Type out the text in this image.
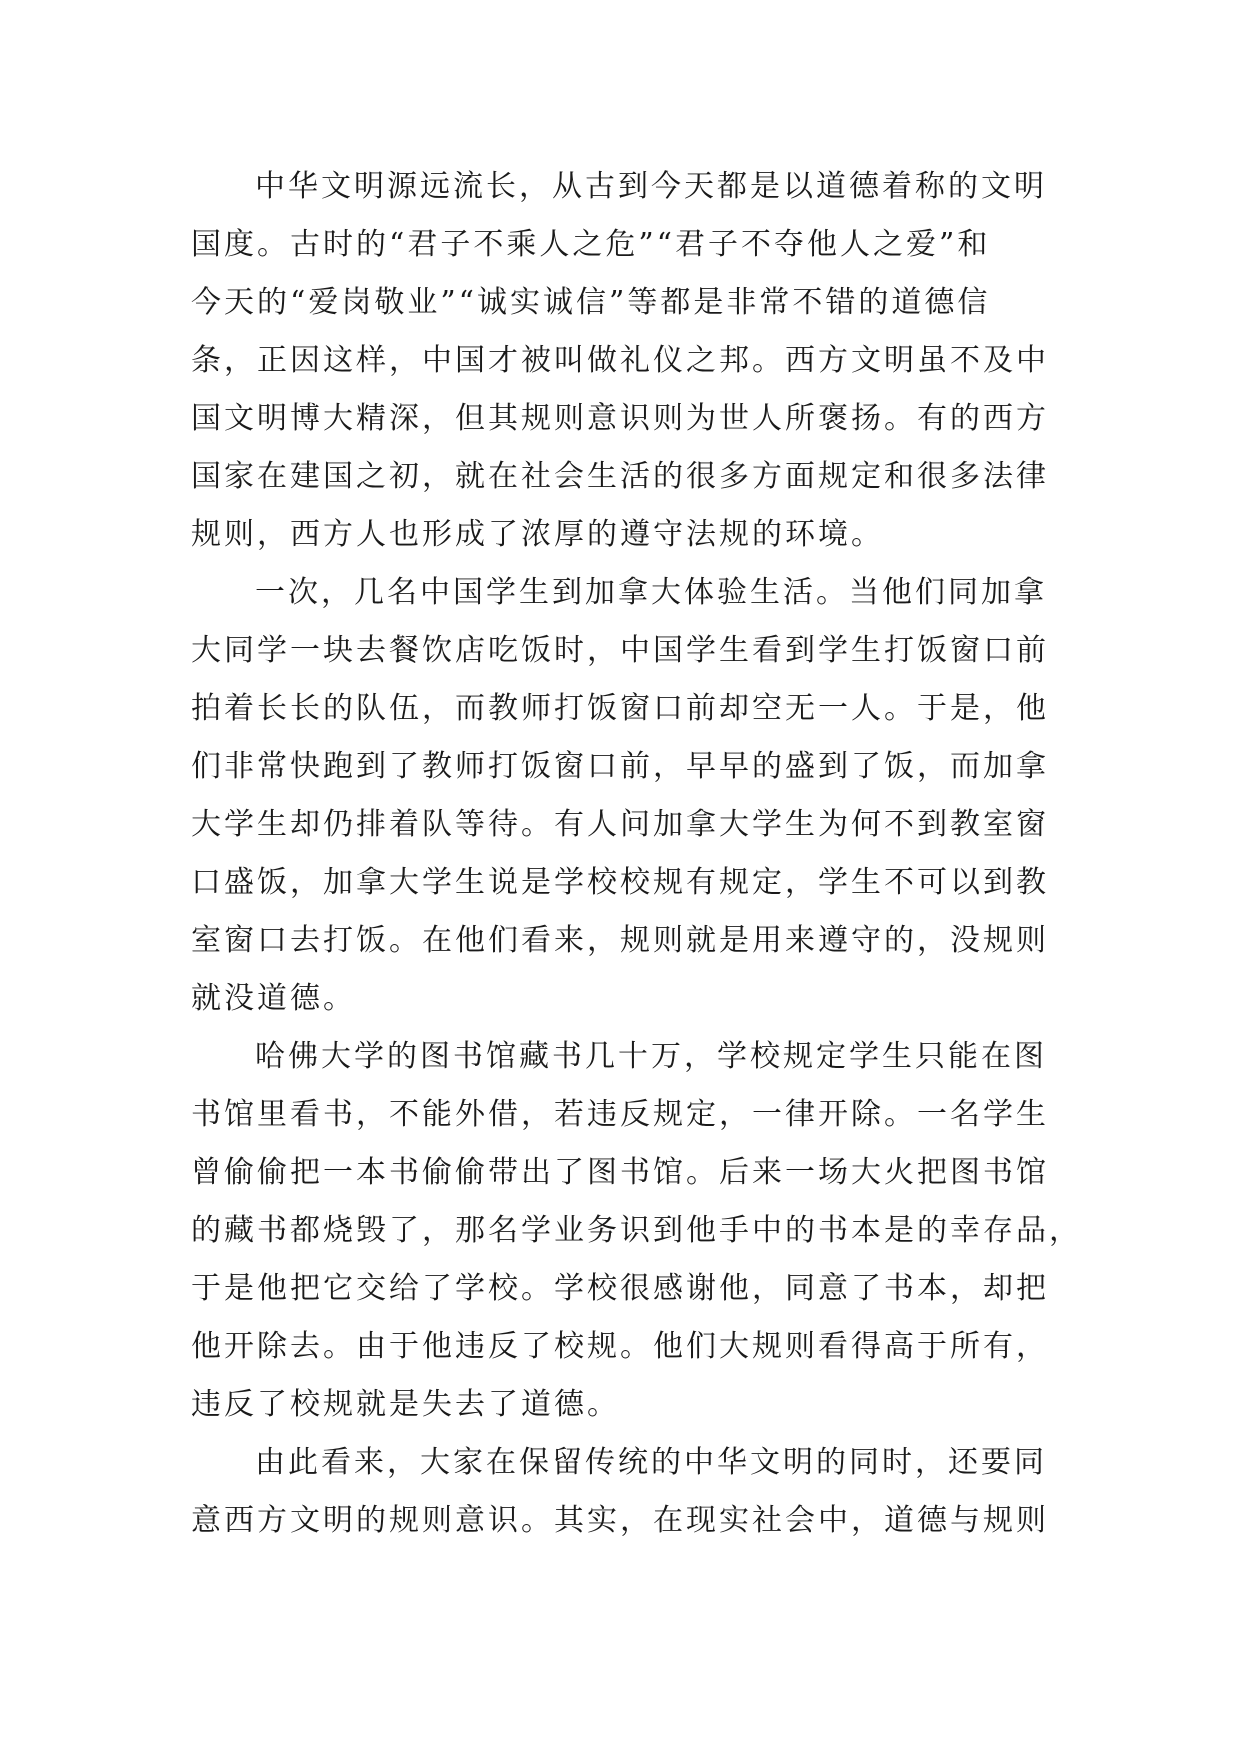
中华文明源远流长，从古到今天都是以道德着称的文明
国度。古时的“君子不乘人之危”“君子不夺他人之爱”和
今天的“爱岗敬业”“诚实诚信”等都是非常不错的道德信
条，正因这样，中国才被叫做礼仪之邦。西方文明虽不及中
国文明博大精深，但其规则意识则为世人所褒扬。有的西方
国家在建国之初，就在社会生活的很多方面规定和很多法律
规则，西方人也形成了浓厚的遵守法规的环境。
一次，几名中国学生到加拿大体验生活。当他们同加拿
大同学一块去餐饮店吃饭时，中国学生看到学生打饭窗口前
拍着长长的队伍，而教师打饭窗口前却空无一人。于是，他
们非常快跑到了教师打饭窗口前，早早的盛到了饭，而加拿
大学生却仍排着队等待。有人问加拿大学生为何不到教室窗
口盛饭，加拿大学生说是学校校规有规定，学生不可以到教
室窗口去打饭。在他们看来，规则就是用来遵守的，没规则
就没道德。
哈佛大学的图书馆藏书几十万，学校规定学生只能在图
书馆里看书，不能外借，若违反规定，一律开除。一名学生
曾偷偷把一本书偷偷带出了图书馆。后来一场大火把图书馆
的藏书都烧毁了，那名学业务识到他手中的书本是的幸存品，
于是他把它交给了学校。学校很感谢他，同意了书本，却把
他开除去。由于他违反了校规。他们大规则看得高于所有，
违反了校规就是失去了道德。
由此看来，大家在保留传统的中华文明的同时，还要同
意西方文明的规则意识。其实，在现实社会中，道德与规则
